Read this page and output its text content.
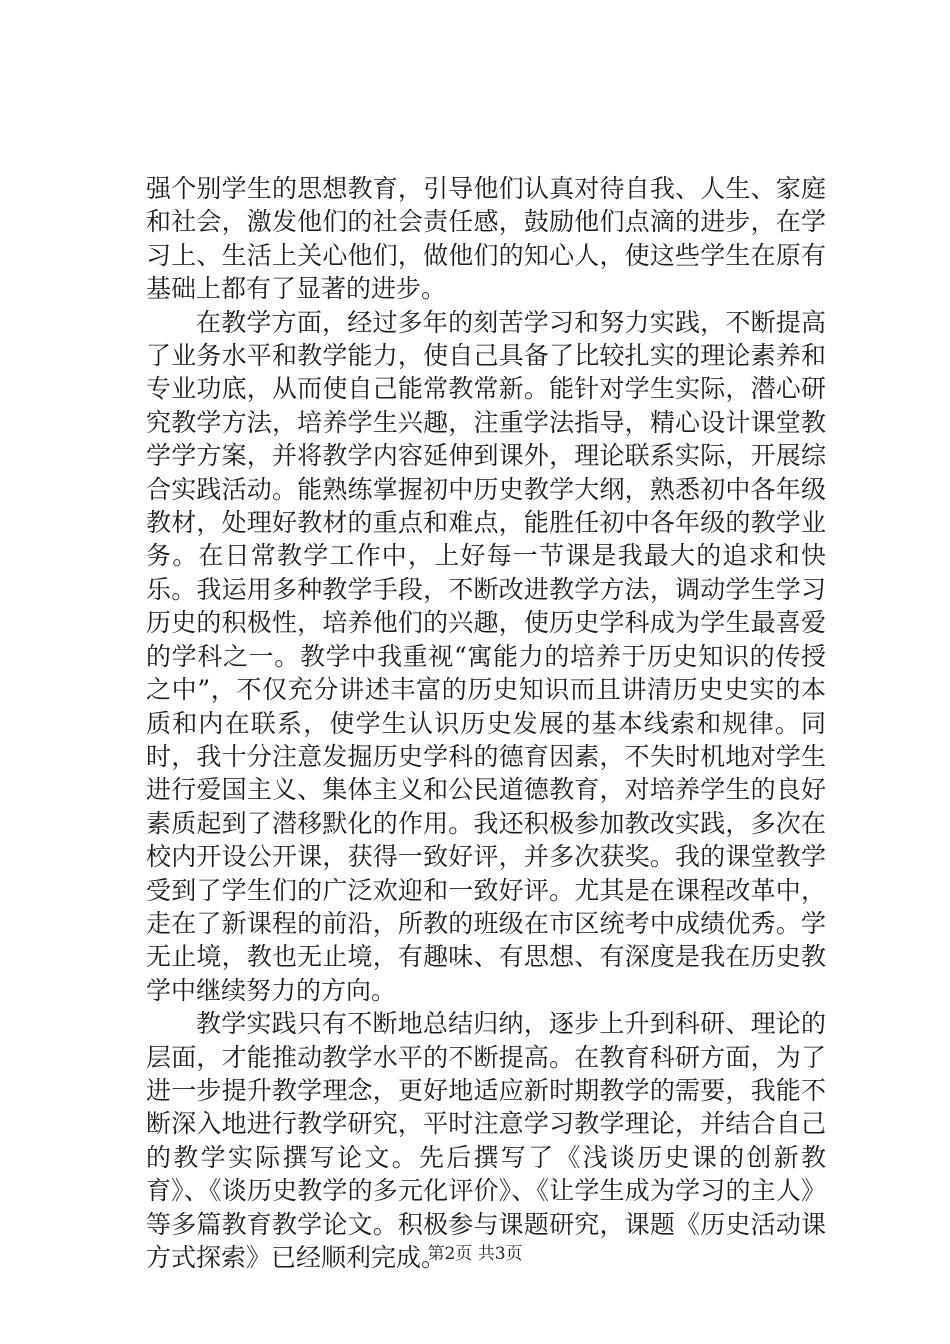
强个别学生的思想教育，引导他们认真对待自我、人生、家庭和社会，激发他们的社会责任感，鼓励他们点滴的进步，在学习上、生活上关心他们，做他们的知心人，使这些学生在原有基础上都有了显著的进步。

在教学方面，经过多年的刻苦学习和努力实践，不断提高了业务水平和教学能力，使自己具备了比较扎实的理论素养和专业功底，从而使自己能常教常新。能针对学生实际，潜心研究教学方法，培养学生兴趣，注重学法指导，精心设计课堂教学学方案，并将教学内容延伸到课外，理论联系实际，开展综合实践活动。能熟练掌握初中历史教学大纲，熟悉初中各年级教材，处理好教材的重点和难点，能胜任初中各年级的教学业务。在日常教学工作中，上好每一节课是我最大的追求和快乐。我运用多种教学手段，不断改进教学方法，调动学生学习历史的积极性，培养他们的兴趣，使历史学科成为学生最喜爱的学科之一。教学中我重视“寓能力的培养于历史知识的传授之中”，不仅充分讲述丰富的历史知识而且讲清历史史实的本质和内在联系，使学生认识历史发展的基本线索和规律。同时，我十分注意发掘历史学科的德育因素，不失时机地对学生进行爱国主义、集体主义和公民道德教育，对培养学生的良好素质起到了潜移默化的作用。我还积极参加教改实践，多次在校内开设公开课，获得一致好评，并多次获奖。我的课堂教学受到了学生们的广泛欢迎和一致好评。尤其是在课程改革中，走在了新课程的前沿，所教的班级在市区统考中成绩优秀。学无止境，教也无止境，有趣味、有思想、有深度是我在历史教学中继续努力的方向。

教学实践只有不断地总结归纳，逐步上升到科研、理论的层面，才能推动教学水平的不断提高。在教育科研方面，为了进一步提升教学理念，更好地适应新时期教学的需要，我能不断深入地进行教学研究，平时注意学习教学理论，并结合自己的教学实际撰写论文。先后撰写了《浅谈历史课的创新教育》、《谈历史教学的多元化评价》、《让学生成为学习的主人》等多篇教育教学论文。积极参与课题研究，课题《历史活动课方式探索》已经顺利完成。

第2页 共3页
